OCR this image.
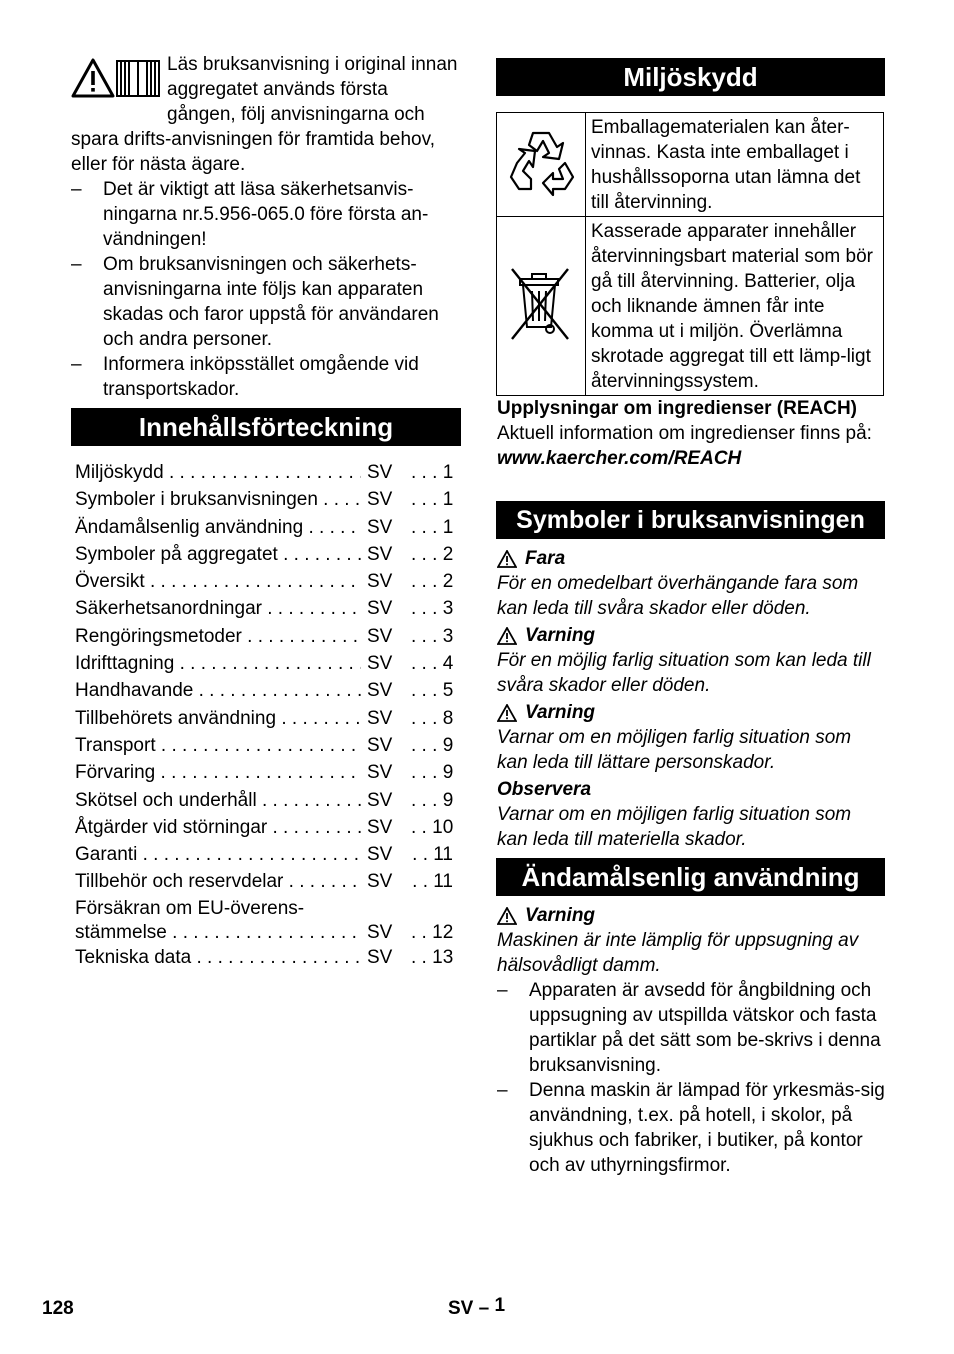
Läs bruksanvisning i original innan aggregatet används första gången, följ anvisningarna och spara drifts-anvisningen för framtida behov, eller för nästa ägare.

–	Det är viktigt att läsa säkerhetsanvis-ningarna nr.5.956-065.0 före första an-vändningen!
–	Om bruksanvisningen och säkerhets-anvisningarna inte följs kan apparaten skadas och faror uppstå för användaren och andra personer.
–	Informera inköpsstället omgående vid transportskador.
Innehållsförteckning
Miljöskydd . . .	SV	. . . 1
Symboler i bruksanvisningen . . .	SV	. . . 1
Ändamålsenlig användning . . .	SV	. . . 1
Symboler på aggregatet . . .	SV	. . . 2
Översikt . . .	SV	. . . 2
Säkerhetsanordningar . . .	SV	. . . 3
Rengöringsmetoder . . .	SV	. . . 3
Idrifttagning . . .	SV	. . . 4
Handhavande . . .	SV	. . . 5
Tillbehörets användning . . .	SV	. . . 8
Transport . . .	SV	. . . 9
Förvaring . . .	SV	. . . 9
Skötsel och underhåll . . .	SV	. . . 9
Åtgärder vid störningar . . .	SV	. . 10
Garanti . . .	SV	. . 11
Tillbehör och reservdelar . . .	SV	. . 11
Försäkran om EU-överens-
stämmelse . . .	SV	. . 12
Tekniska data . . .	SV	. . 13
Miljöskydd
	Emballagematerialen kan åter-vinnas. Kasta inte emballaget i hushållssoporna utan lämna det till återvinning.
	Kasserade apparater innehåller återvinningsbart material som bör gå till återvinning. Batterier, olja och liknande ämnen får inte komma ut i miljön. Överlämna skrotade aggregat till ett lämp-ligt återvinningssystem.

Upplysningar om ingredienser (REACH)

Aktuell information om ingredienser finns på:

www.kaercher.com/REACH

Symboler i bruksanvisningen
Fara

För en omedelbart överhängande fara som kan leda till svåra skador eller döden.

Varning

För en möjlig farlig situation som kan leda till svåra skador eller döden.

Varning

Varnar om en möjligen farlig situation som kan leda till lättare personskador.

Observera

Varnar om en möjligen farlig situation som kan leda till materiella skador.

Ändamålsenlig användning
Varning

Maskinen är inte lämplig för uppsugning av hälsovådligt damm.

–	Apparaten är avsedd för ångbildning och uppsugning av utspillda vätskor och fasta partiklar på det sätt som be-skrivs i denna bruksanvisning.
–	Denna maskin är lämpad för yrkesmäs-sig användning, t.ex. på hotell, i skolor, på sjukhus och fabriker, i butiker, på kontor och av uthyrningsfirmor.
128	SV – 1
